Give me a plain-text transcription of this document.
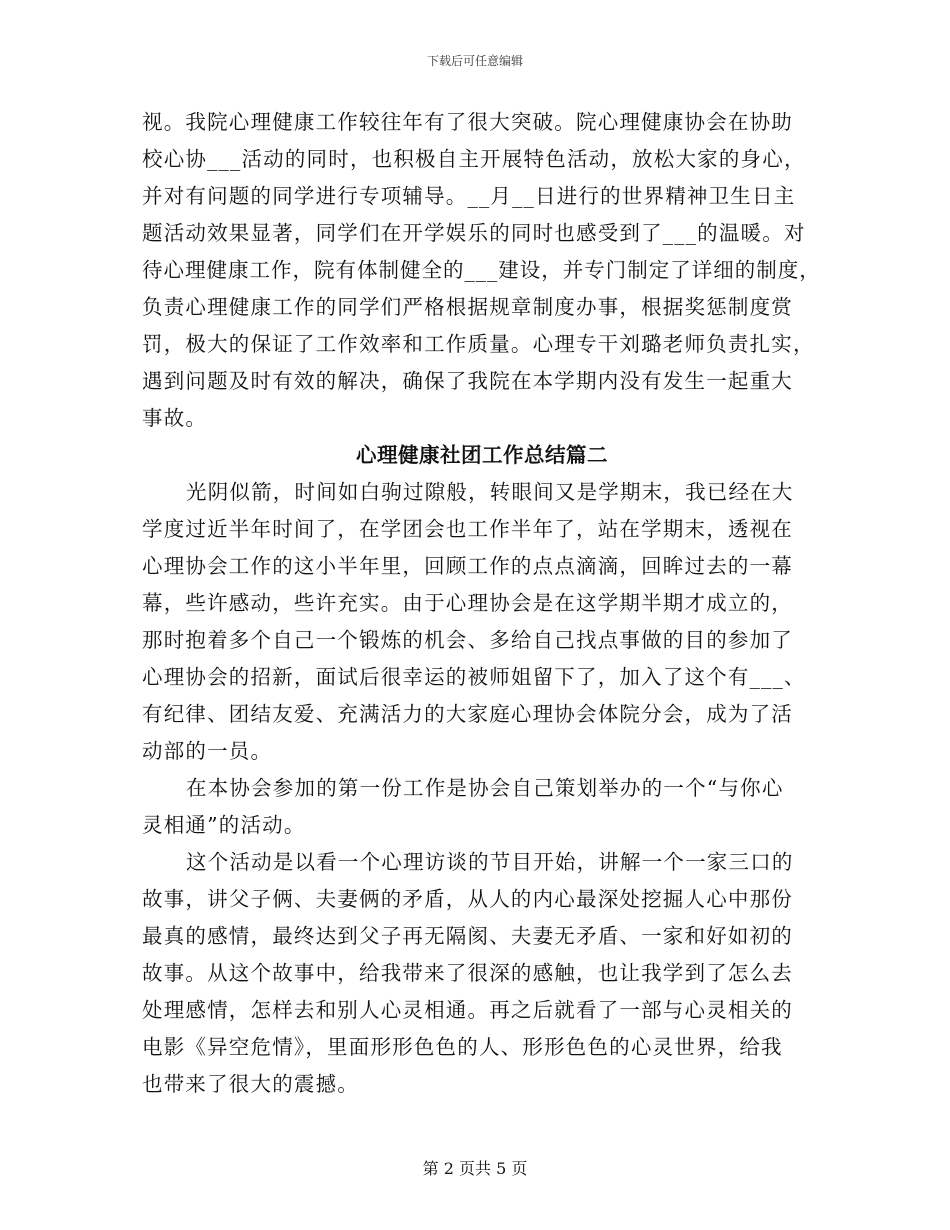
下载后可任意编辑
视。我院心理健康工作较往年有了很大突破。院心理健康协会在协助
校心协___活动的同时，也积极自主开展特色活动，放松大家的身心，
并对有问题的同学进行专项辅导。__月__日进行的世界精神卫生日主
题活动效果显著，同学们在开学娱乐的同时也感受到了___的温暖。对
待心理健康工作，院有体制健全的___建设，并专门制定了详细的制度，
负责心理健康工作的同学们严格根据规章制度办事，根据奖惩制度赏
罚，极大的保证了工作效率和工作质量。心理专干刘璐老师负责扎实，
遇到问题及时有效的解决，确保了我院在本学期内没有发生一起重大
事故。
心理健康社团工作总结篇二
光阴似箭，时间如白驹过隙般，转眼间又是学期末，我已经在大
学度过近半年时间了，在学团会也工作半年了，站在学期末，透视在
心理协会工作的这小半年里，回顾工作的点点滴滴，回眸过去的一幕
幕，些许感动，些许充实。由于心理协会是在这学期半期才成立的，
那时抱着多个自己一个锻炼的机会、多给自己找点事做的目的参加了
心理协会的招新，面试后很幸运的被师姐留下了，加入了这个有___、
有纪律、团结友爱、充满活力的大家庭心理协会体院分会，成为了活
动部的一员。
在本协会参加的第一份工作是协会自己策划举办的一个“与你心
灵相通”的活动。
这个活动是以看一个心理访谈的节目开始，讲解一个一家三口的
故事，讲父子俩、夫妻俩的矛盾，从人的内心最深处挖掘人心中那份
最真的感情，最终达到父子再无隔阂、夫妻无矛盾、一家和好如初的
故事。从这个故事中，给我带来了很深的感触，也让我学到了怎么去
处理感情，怎样去和别人心灵相通。再之后就看了一部与心灵相关的
电影《异空危情》，里面形形色色的人、形形色色的心灵世界，给我
也带来了很大的震撼。
第 2 页共 5 页
